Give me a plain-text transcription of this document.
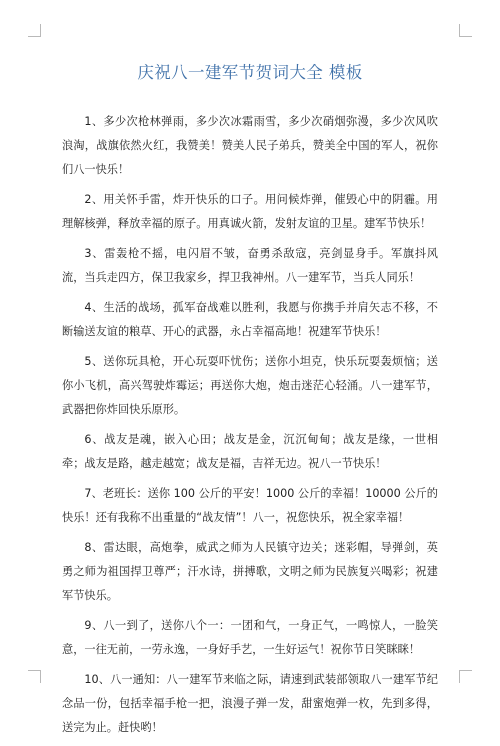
庆祝八一建军节贺词大全 模板

1、多少次枪林弹雨，多少次冰霜雨雪，多少次硝烟弥漫，多少次风吹浪淘，战旗依然火红，我赞美！赞美人民子弟兵，赞美全中国的军人，祝你们八一快乐！

2、用关怀手雷，炸开快乐的口子。用问候炸弹，催毁心中的阴霾。用理解核弹，释放幸福的原子。用真诚火箭，发射友谊的卫星。建军节快乐！

3、雷轰枪不摇，电闪眉不皱，奋勇杀敌寇，亮剑显身手。军旗抖风流，当兵走四方，保卫我家乡，捍卫我神州。八一建军节，当兵人同乐！

4、生活的战场，孤军奋战难以胜利，我愿与你携手并肩矢志不移，不断输送友谊的粮草、开心的武器，永占幸福高地！祝建军节快乐！

5、送你玩具枪，开心玩耍吓忧伤；送你小坦克，快乐玩耍轰烦恼；送你小飞机，高兴驾驶炸霉运；再送你大炮，炮击迷茫心轻涌。八一建军节，武器把你炸回快乐原形。

6、战友是魂，嵌入心田；战友是金，沉沉甸甸；战友是缘，一世相牵；战友是路，越走越宽；战友是福，吉祥无边。祝八一节快乐！

7、老班长：送你 100 公斤的平安！1000 公斤的幸福！10000 公斤的快乐！还有我称不出重量的“战友情”！八一，祝您快乐，祝全家幸福！

8、雷达眼，高炮拳，威武之师为人民镇守边关；迷彩帽，导弹剑，英勇之师为祖国捍卫尊严；汗水诗，拼搏歌，文明之师为民族复兴喝彩；祝建军节快乐。

9、八一到了，送你八个一：一团和气，一身正气，一鸣惊人，一脸笑意，一往无前，一劳永逸，一身好手艺，一生好运气！祝你节日笑眯眯！

10、八一通知：八一建军节来临之际，请速到武装部领取八一建军节纪念品一份，包括幸福手枪一把，浪漫子弹一发，甜蜜炮弹一枚，先到多得，送完为止。赶快哟！
